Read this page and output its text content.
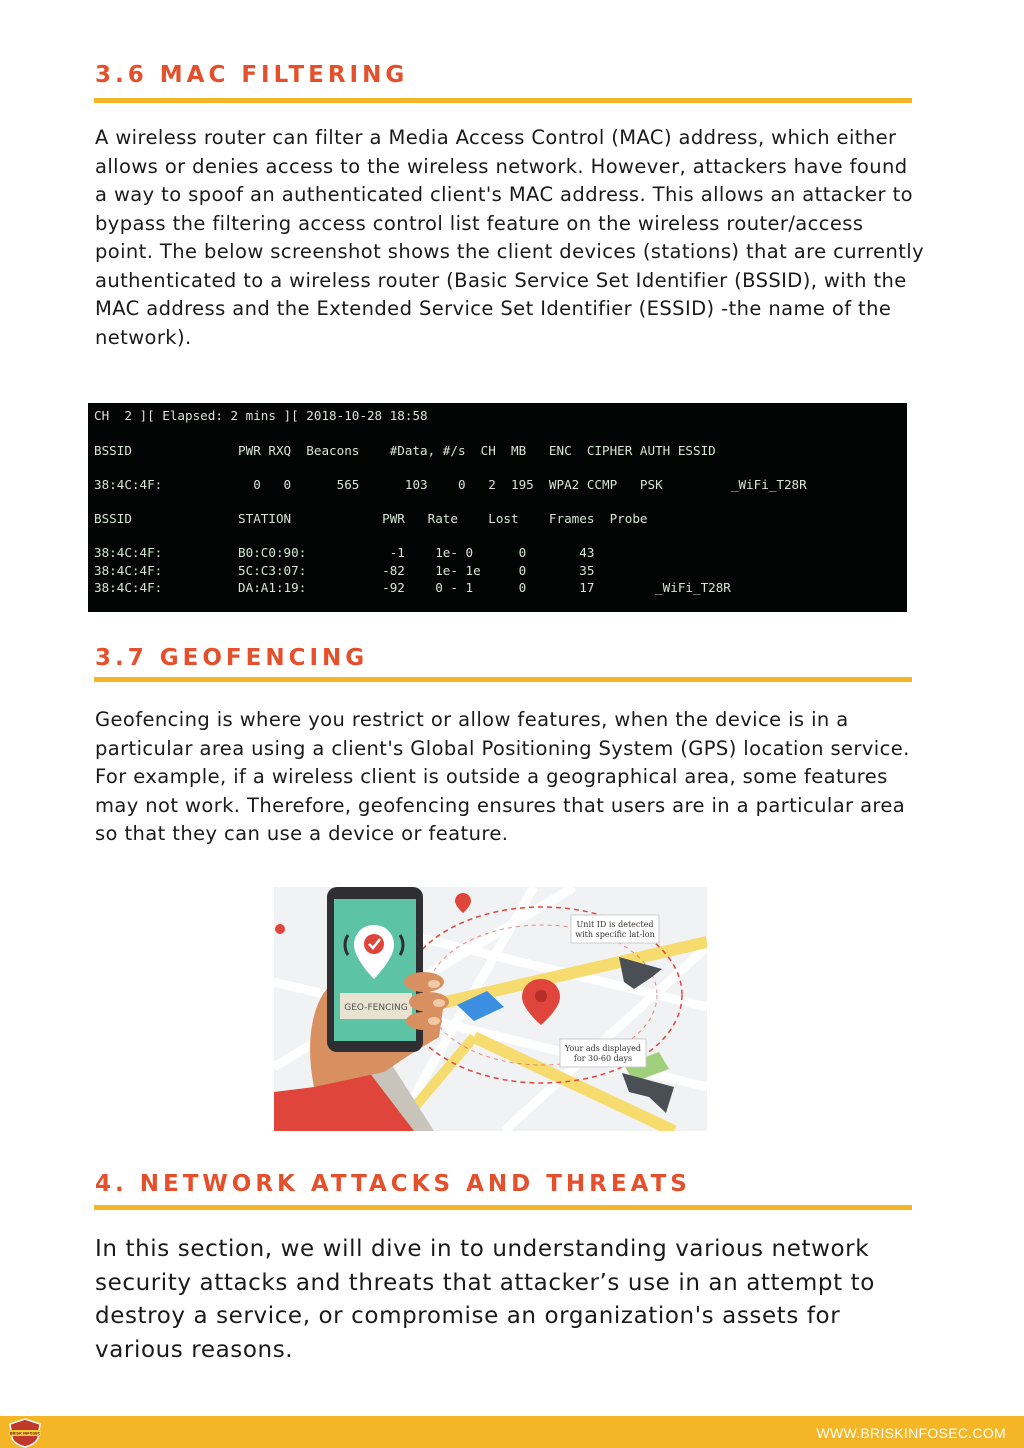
3.6 MAC FILTERING

A wireless router can filter a Media Access Control (MAC) address, which either allows or denies access to the wireless network. However, attackers have found a way to spoof an authenticated client's MAC address. This allows an attacker to bypass the filtering access control list feature on the wireless router/access point. The below screenshot shows the client devices (stations) that are currently authenticated to a wireless router (Basic Service Set Identifier (BSSID), with the MAC address and the Extended Service Set Identifier (ESSID) -the name of the network).

CH  2 ][ Elapsed: 2 mins ][ 2018-10-28 18:58
BSSID              PWR RXQ  Beacons    #Data, #/s  CH  MB   ENC  CIPHER AUTH ESSID
38:4C:4F:            0   0      565      103    0   2  195  WPA2 CCMP   PSK         _WiFi_T28R
BSSID              STATION            PWR   Rate    Lost    Frames  Probe
38:4C:4F:          B0:C0:90:           -1    1e- 0      0       43
38:4C:4F:          5C:C3:07:          -82    1e- 1e     0       35
38:4C:4F:          DA:A1:19:          -92    0 - 1      0       17        _WiFi_T28R
3.7 GEOFENCING

Geofencing is where you restrict or allow features, when the device is in a particular area using a client's Global Positioning System (GPS) location service. For example, if a wireless client is outside a geographical area, some features may not work. Therefore, geofencing ensures that users are in a particular area so that they can use a device or feature.

Unit ID is detected
with specific lat-lon
Your ads displayed
for 30-60 days
GEO-FENCING
4. NETWORK ATTACKS AND THREATS

In this section, we will dive in to understanding various network security attacks and threats that attacker’s use in an attempt to destroy a service, or compromise an organization's assets for various reasons.

BRISK INFOSEC	WWW.BRISKINFOSEC.COM
